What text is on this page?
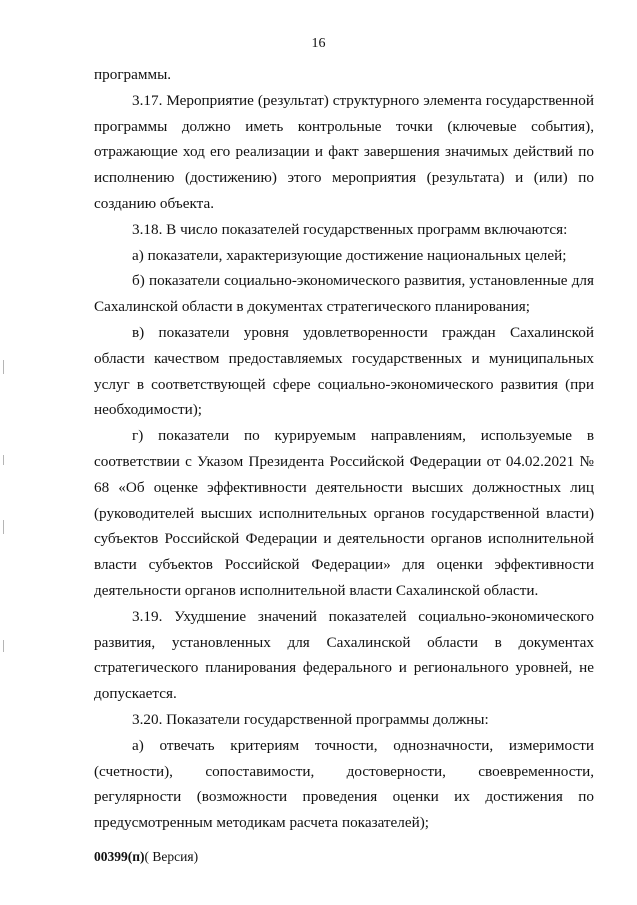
16

программы.

3.17. Мероприятие (результат) структурного элемента государственной программы должно иметь контрольные точки (ключевые события), отражающие ход его реализации и факт завершения значимых действий по исполнению (достижению) этого мероприятия (результата) и (или) по созданию объекта.

3.18. В число показателей государственных программ включаются:

а) показатели, характеризующие достижение национальных целей;

б) показатели социально-экономического развития, установленные для Сахалинской области в документах стратегического планирования;

в) показатели уровня удовлетворенности граждан Сахалинской области качеством предоставляемых государственных и муниципальных услуг в соответствующей сфере социально-экономического развития (при необходимости);

г) показатели по курируемым направлениям, используемые в соответствии с Указом Президента Российской Федерации от 04.02.2021 № 68 «Об оценке эффективности деятельности высших должностных лиц (руководителей высших исполнительных органов государственной власти) субъектов Российской Федерации и деятельности органов исполнительной власти субъектов Российской Федерации» для оценки эффективности деятельности органов исполнительной власти Сахалинской области.

3.19. Ухудшение значений показателей социально-экономического развития, установленных для Сахалинской области в документах стратегического планирования федерального и регионального уровней, не допускается.

3.20. Показатели государственной программы должны:

а) отвечать критериям точности, однозначности, измеримости (счетности), сопоставимости, достоверности, своевременности, регулярности (возможности проведения оценки их достижения по предусмотренным методикам расчета показателей);

00399(п)( Версия)
